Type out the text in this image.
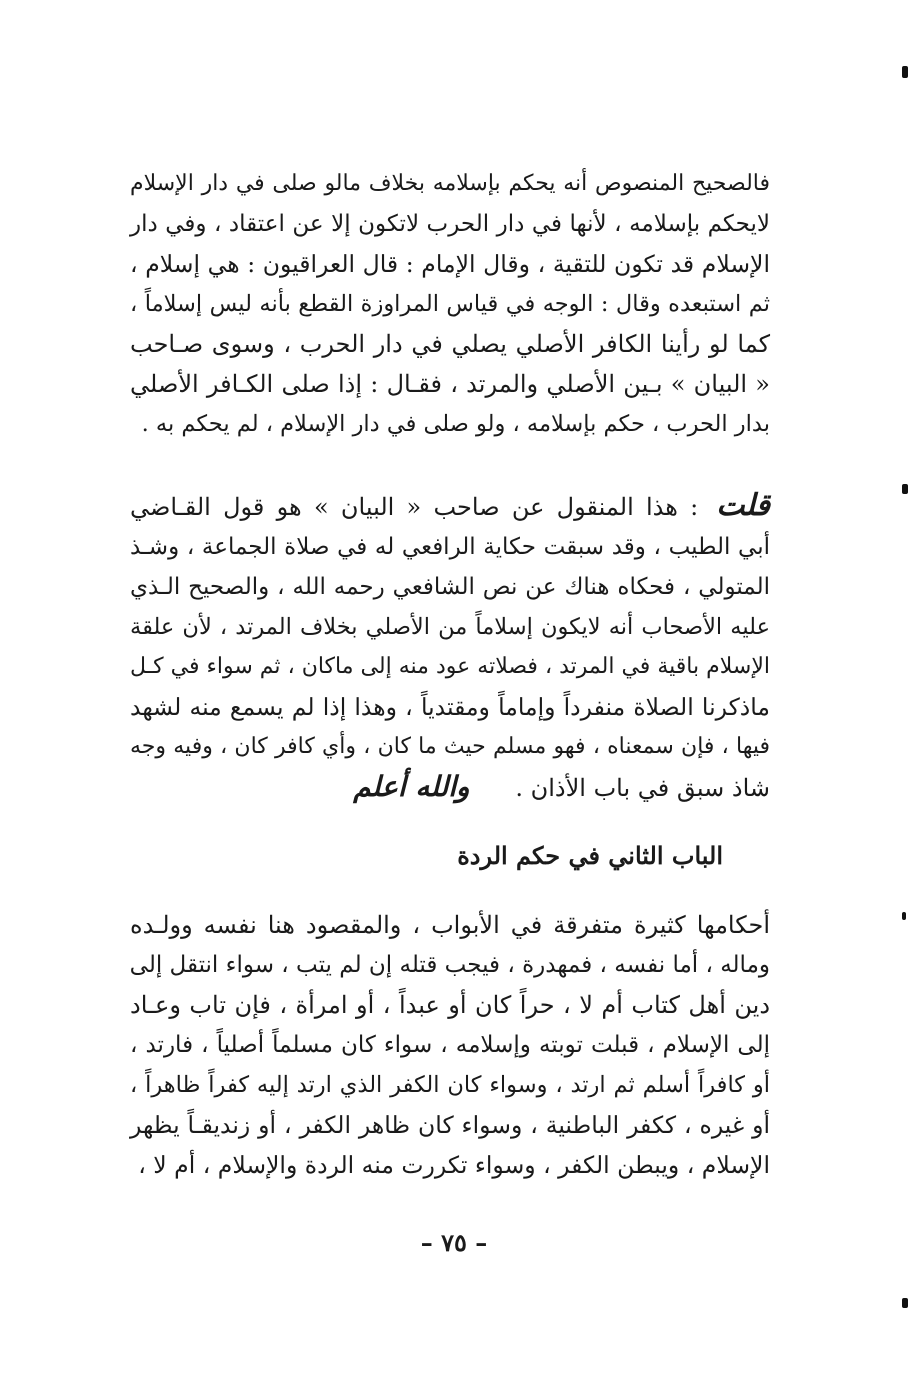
فالصحيح المنصوص أنه يحكم بإسلامه بخلاف مالو صلى في دار الإسلام
لايحكم بإسلامه ، لأنها في دار الحرب لاتكون إلا عن اعتقاد ، وفي دار
الإسلام قد تكون للتقية ، وقال الإمام : قال العراقيون : هي إسلام ،
ثم استبعده وقال : الوجه في قياس المراوزة القطع بأنه ليس إسلاماً ،
كما لو رأينا الكافر الأصلي يصلي في دار الحرب ، وسوى صـاحب
« البيان » بـين الأصلي والمرتد ، فقـال : إذا صلى الكـافر الأصلي
بدار الحرب ، حكم بإسلامه ، ولو صلى في دار الإسلام ، لم يحكم به .
قلت: هذا المنقول عن صاحب « البيان » هو قول القـاضي
أبي الطيب ، وقد سبقت حكاية الرافعي له في صلاة الجماعة ، وشـذ
المتولي ، فحكاه هناك عن نص الشافعي رحمه الله ، والصحيح الـذي
عليه الأصحاب أنه لايكون إسلاماً من الأصلي بخلاف المرتد ، لأن علقة
الإسلام باقية في المرتد ، فصلاته عود منه إلى ماكان ، ثم سواء في كـل
ماذكرنا الصلاة منفرداً وإماماً ومقتدياً ، وهذا إذا لم يسمع منه لشهد
فيها ، فإن سمعناه ، فهو مسلم حيث ما كان ، وأي كافر كان ، وفيه وجه
شاذ سبق في باب الأذان .      والله أعلم
الباب الثاني في حكم الردة
أحكامها كثيرة متفرقة في الأبواب ، والمقصود هنا نفسه وولـده
وماله ، أما نفسه ، فمهدرة ، فيجب قتله إن لم يتب ، سواء انتقل إلى
دين أهل كتاب أم لا ، حراً كان أو عبداً ، أو امرأة ، فإن تاب وعـاد
إلى الإسلام ، قبلت توبته وإسلامه ، سواء كان مسلماً أصلياً ، فارتد ،
أو كافراً أسلم ثم ارتد ، وسواء كان الكفر الذي ارتد إليه كفراً ظاهراً ،
أو غيره ، ككفر الباطنية ، وسواء كان ظاهر الكفر ، أو زنديقـاً يظهر
الإسلام ، ويبطن الكفر ، وسواء تكررت منه الردة والإسلام ، أم لا ،

– ٧٥ –
